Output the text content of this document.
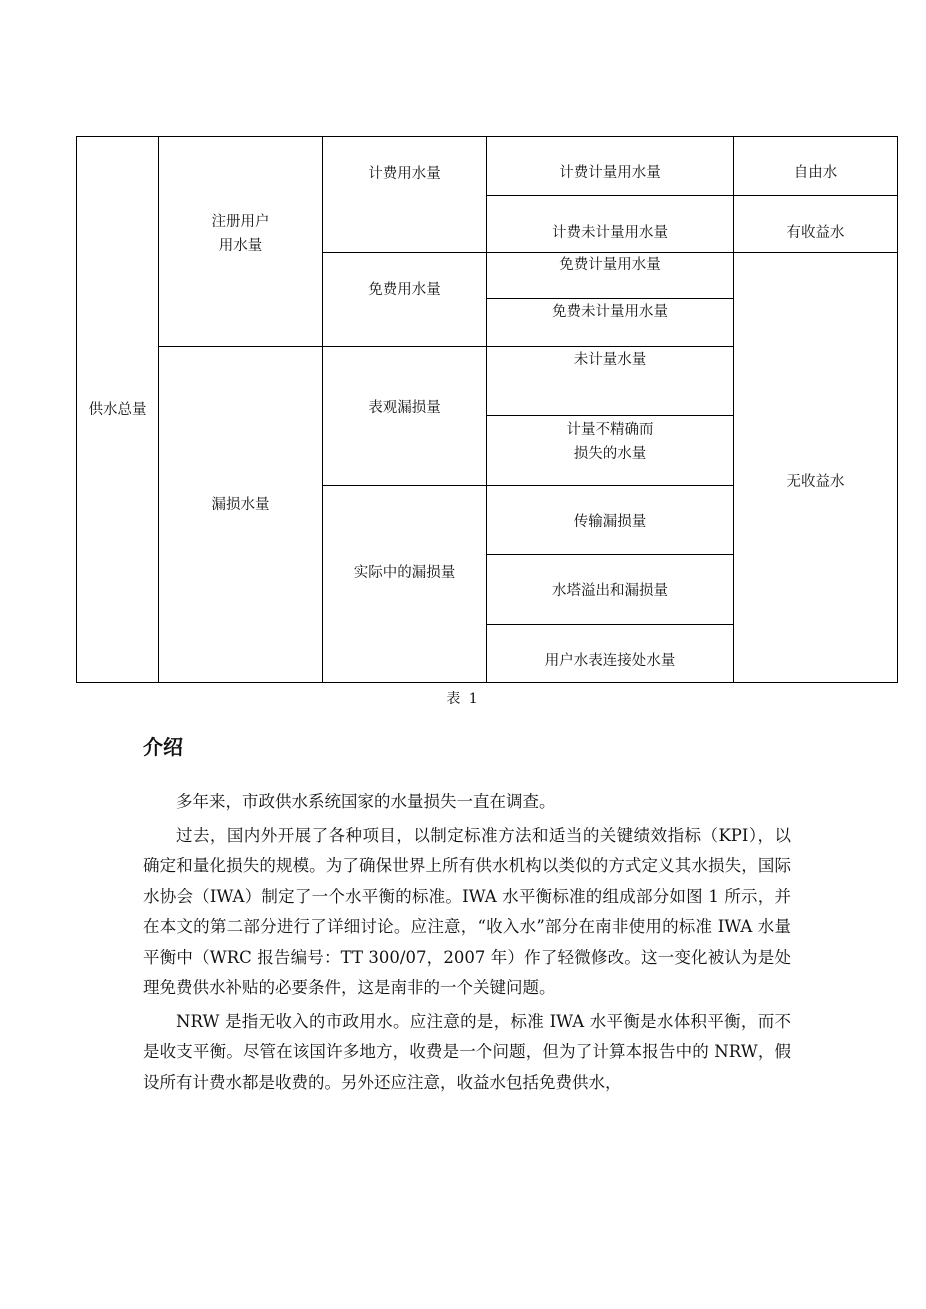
供水总量
注册用户
用水量
漏损水量
计费用水量
免费用水量
表观漏损量
实际中的漏损量
计费计量用水量
计费未计量用水量
免费计量用水量
免费未计量用水量
未计量水量
计量不精确而
损失的水量
传输漏损量
水塔溢出和漏损量
用户水表连接处水量
自由水
有收益水
无收益水
表 1
介绍

多年来，市政供水系统国家的水量损失一直在调查。

过去，国内外开展了各种项目，以制定标准方法和适当的关键绩效指标（KPI），以确定和量化损失的规模。为了确保世界上所有供水机构以类似的方式定义其水损失，国际水协会（IWA）制定了一个水平衡的标准。IWA 水平衡标准的组成部分如图 1 所示，并在本文的第二部分进行了详细讨论。应注意，“收入水”部分在南非使用的标准 IWA 水量平衡中（WRC 报告编号：TT 300/07，2007 年）作了轻微修改。这一变化被认为是处理免费供水补贴的必要条件，这是南非的一个关键问题。

NRW 是指无收入的市政用水。应注意的是，标准 IWA 水平衡是水体积平衡，而不是收支平衡。尽管在该国许多地方，收费是一个问题，但为了计算本报告中的 NRW，假设所有计费水都是收费的。另外还应注意，收益水包括免费供水，
